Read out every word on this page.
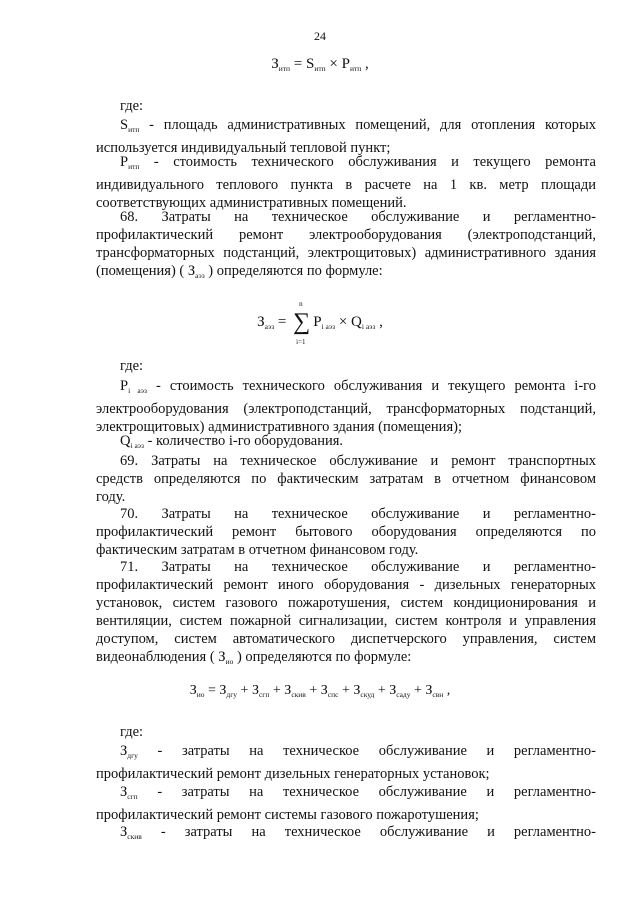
24
$З_{итп} = S_{итп} \times P_{итп}$ ,
где:
$S_{итп}$ - площадь административных помещений, для отопления которых используется индивидуальный тепловой пункт;
$P_{итп}$ - стоимость технического обслуживания и текущего ремонта
индивидуального теплового пункта в расчете на 1 кв. метр площади
соответствующих административных помещений.
68. Затраты на техническое обслуживание и регламентно-
профилактический ремонт электрооборудования (электроподстанций,
трансформаторных подстанций, электрощитовых) административного здания
(помещения) ( $З_{аэз}$ ) определяются по формуле:
$З_{аэз}$ =
n
∑
i=1
$P_{i аэз} \times Q_{i аэз}$ ,
где:
$P_{i аэз}$ - стоимость технического обслуживания и текущего ремонта i-го
электрооборудования (электроподстанций, трансформаторных подстанций,
электрощитовых) административного здания (помещения);
$Q_{i аэз}$ - количество i-го оборудования.
69. Затраты на техническое обслуживание и ремонт транспортных
средств определяются по фактическим затратам в отчетном финансовом
году.
70. Затраты на техническое обслуживание и регламентно-
профилактический ремонт бытового оборудования определяются по
фактическим затратам в отчетном финансовом году.
71. Затраты на техническое обслуживание и регламентно-
профилактический ремонт иного оборудования - дизельных генераторных
установок, систем газового пожаротушения, систем кондиционирования и
вентиляции, систем пожарной сигнализации, систем контроля и управления
доступом, систем автоматического диспетчерского управления, систем
видеонаблюдения ( $З_{ио}$ ) определяются по формуле:
$З_{ио} = З_{дгу} + З_{сгп} + З_{скив} + З_{спс} + З_{скуд} + З_{сaду} + З_{свн}$ ,
где:
$З_{дгу}$ - затраты на техническое обслуживание и регламентно-
профилактический ремонт дизельных генераторных установок;
$З_{сгп}$ - затраты на техническое обслуживание и регламентно-
профилактический ремонт системы газового пожаротушения;
$З_{скив}$ - затраты на техническое обслуживание и регламентно-
